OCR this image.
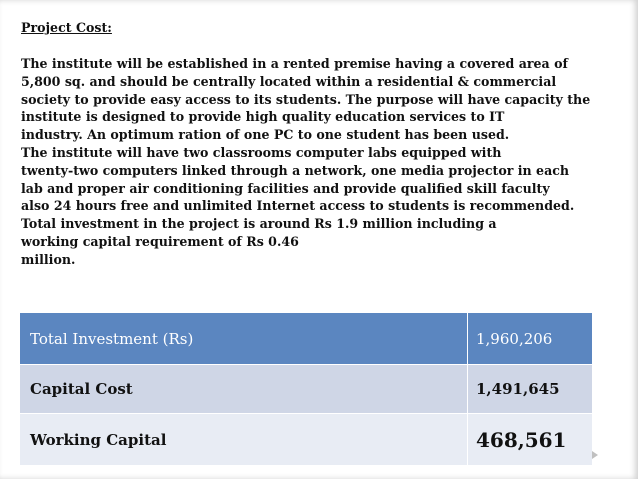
Project Cost:

The institute will be established in a rented premise having a covered area of
5,800 sq. and should be centrally located within a residential & commercial
society to provide easy access to its students. The purpose will have capacity the
institute is designed to provide high quality education services to IT
industry. An optimum ration of one PC to one student has been used.
The institute will have two classrooms computer labs equipped with
twenty-two computers linked through a network, one media projector in each
lab and proper air conditioning facilities and provide qualified skill faculty
also 24 hours free and unlimited Internet access to students is recommended.
Total investment in the project is around Rs 1.9 million including a
working capital requirement of Rs 0.46
million.

Total Investment (Rs)	1,960,206
Capital Cost	1,491,645
Working Capital	468,561
